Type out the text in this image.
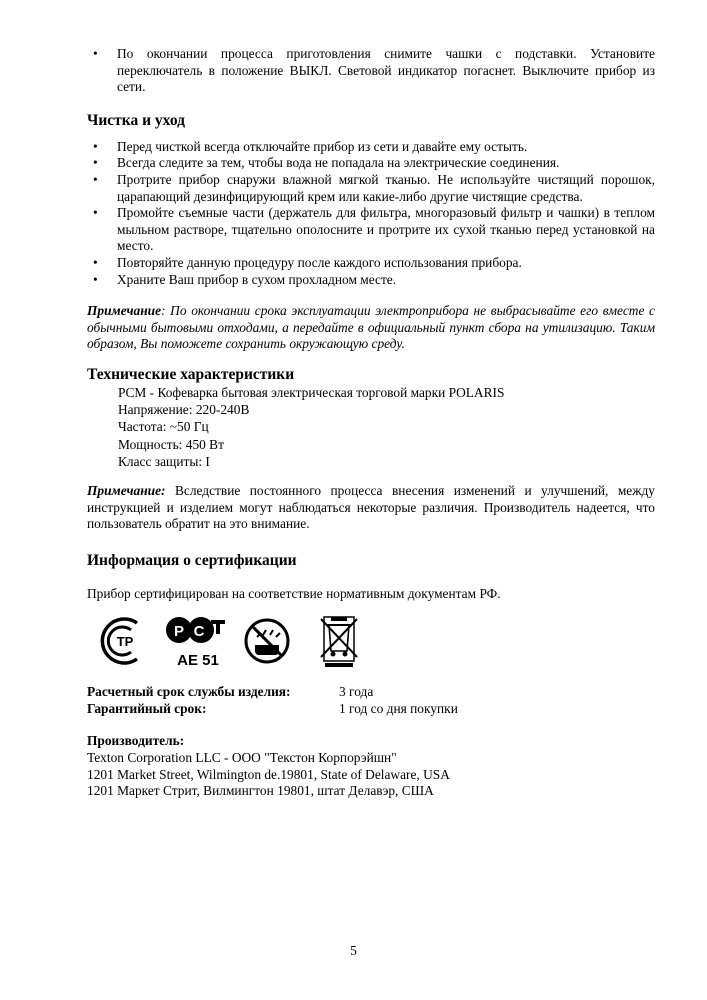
• По окончании процесса приготовления снимите чашки с подставки. Установите переключатель в положение ВЫКЛ. Световой индикатор погаснет. Выключите прибор из сети.
Чистка и уход
• Перед чисткой всегда отключайте прибор из сети и давайте ему остыть.
• Всегда следите за тем, чтобы вода не попадала на электрические соединения.
• Протрите прибор снаружи влажной мягкой тканью. Не используйте чистящий порошок, царапающий дезинфицирующий крем или какие-либо другие чистящие средства.
• Промойте съемные части (держатель для фильтра, многоразовый фильтр и чашки) в теплом мыльном растворе, тщательно ополосните и протрите их сухой тканью перед установкой на место.
• Повторяйте данную процедуру после каждого использования прибора.
• Храните Ваш прибор в сухом прохладном месте.

Примечание: По окончании срока эксплуатации электроприбора не выбрасывайте его вместе с обычными бытовыми отходами, а передайте в официальный пункт сбора на утилизацию. Таким образом, Вы поможете сохранить окружающую среду.

Технические характеристики
PCM - Кофеварка бытовая электрическая торговой марки POLARIS
Напряжение: 220-240В
Частота: ~50 Гц
Мощность: 450 Вт
Класс защиты: I

Примечание: Вследствие постоянного процесса внесения изменений и улучшений, между инструкцией и изделием могут наблюдаться некоторые различия. Производитель надеется, что пользователь обратит на это внимание.

Информация о сертификации

Прибор сертифицирован на соответствие нормативным документам РФ.

ТР
Р С
AE 51
Расчетный срок службы изделия:	3 года
Гарантийный срок:	1 год со дня покупки
Производитель:
Texton Corporation LLC - ООО "Текстон Корпорэйшн"
1201 Market Street, Wilmington de.19801, State of Delaware, USA
1201 Маркет Стрит, Вилмингтон 19801, штат Делавэр, США
5
